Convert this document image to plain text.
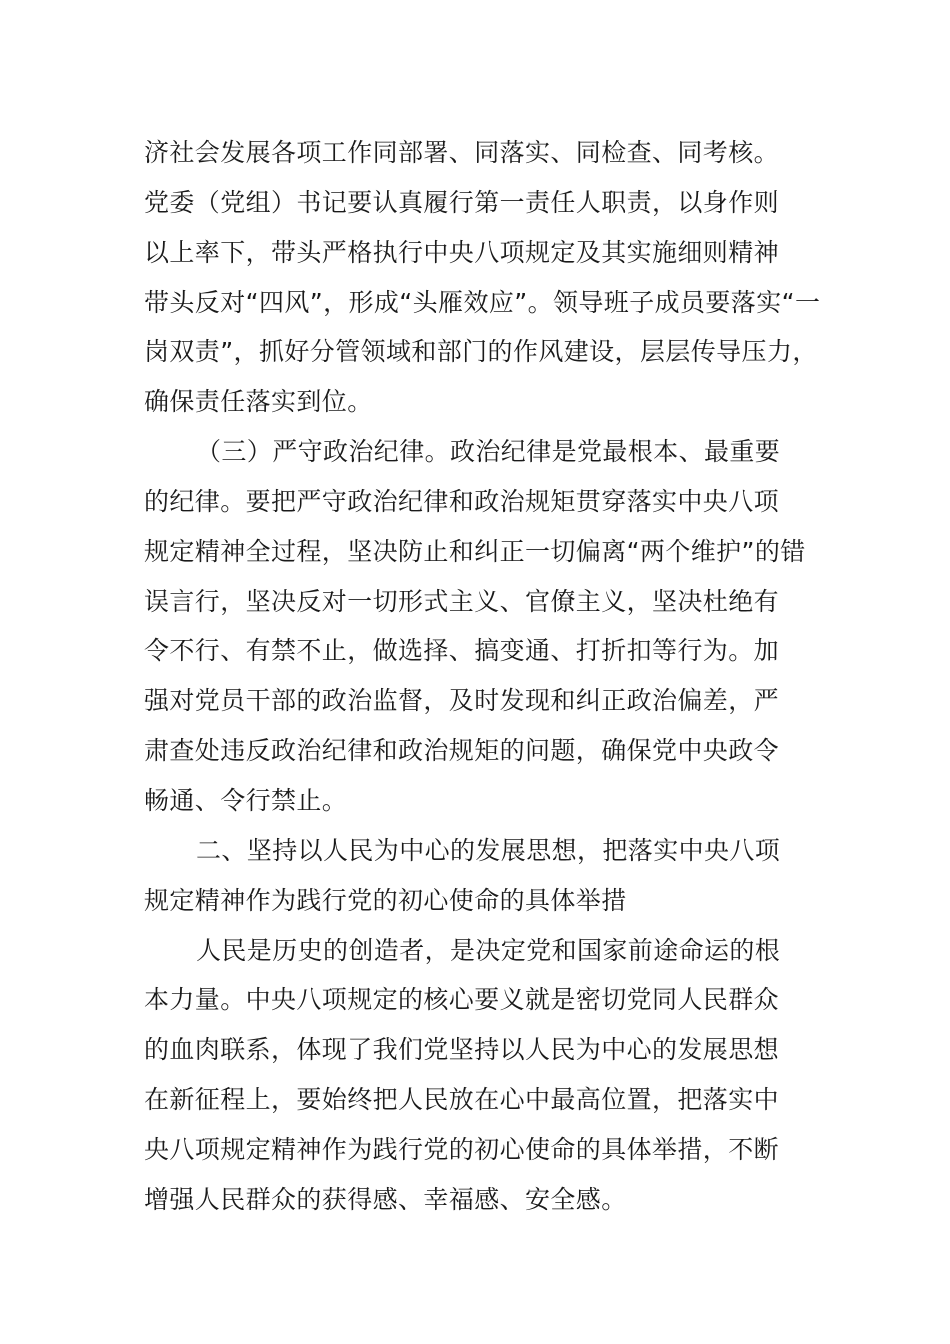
济社会发展各项工作同部署、同落实、同检查、同考核。
党委（党组）书记要认真履行第一责任人职责，以身作则
以上率下，带头严格执行中央八项规定及其实施细则精神
带头反对“四风”，形成“头雁效应”。领导班子成员要落实“一
岗双责”，抓好分管领域和部门的作风建设，层层传导压力，
确保责任落实到位。
（三）严守政治纪律。政治纪律是党最根本、最重要
的纪律。要把严守政治纪律和政治规矩贯穿落实中央八项
规定精神全过程，坚决防止和纠正一切偏离“两个维护”的错
误言行，坚决反对一切形式主义、官僚主义，坚决杜绝有
令不行、有禁不止，做选择、搞变通、打折扣等行为。加
强对党员干部的政治监督，及时发现和纠正政治偏差，严
肃查处违反政治纪律和政治规矩的问题，确保党中央政令
畅通、令行禁止。
二、坚持以人民为中心的发展思想，把落实中央八项
规定精神作为践行党的初心使命的具体举措
人民是历史的创造者，是决定党和国家前途命运的根
本力量。中央八项规定的核心要义就是密切党同人民群众
的血肉联系，体现了我们党坚持以人民为中心的发展思想
在新征程上，要始终把人民放在心中最高位置，把落实中
央八项规定精神作为践行党的初心使命的具体举措，不断
增强人民群众的获得感、幸福感、安全感。
